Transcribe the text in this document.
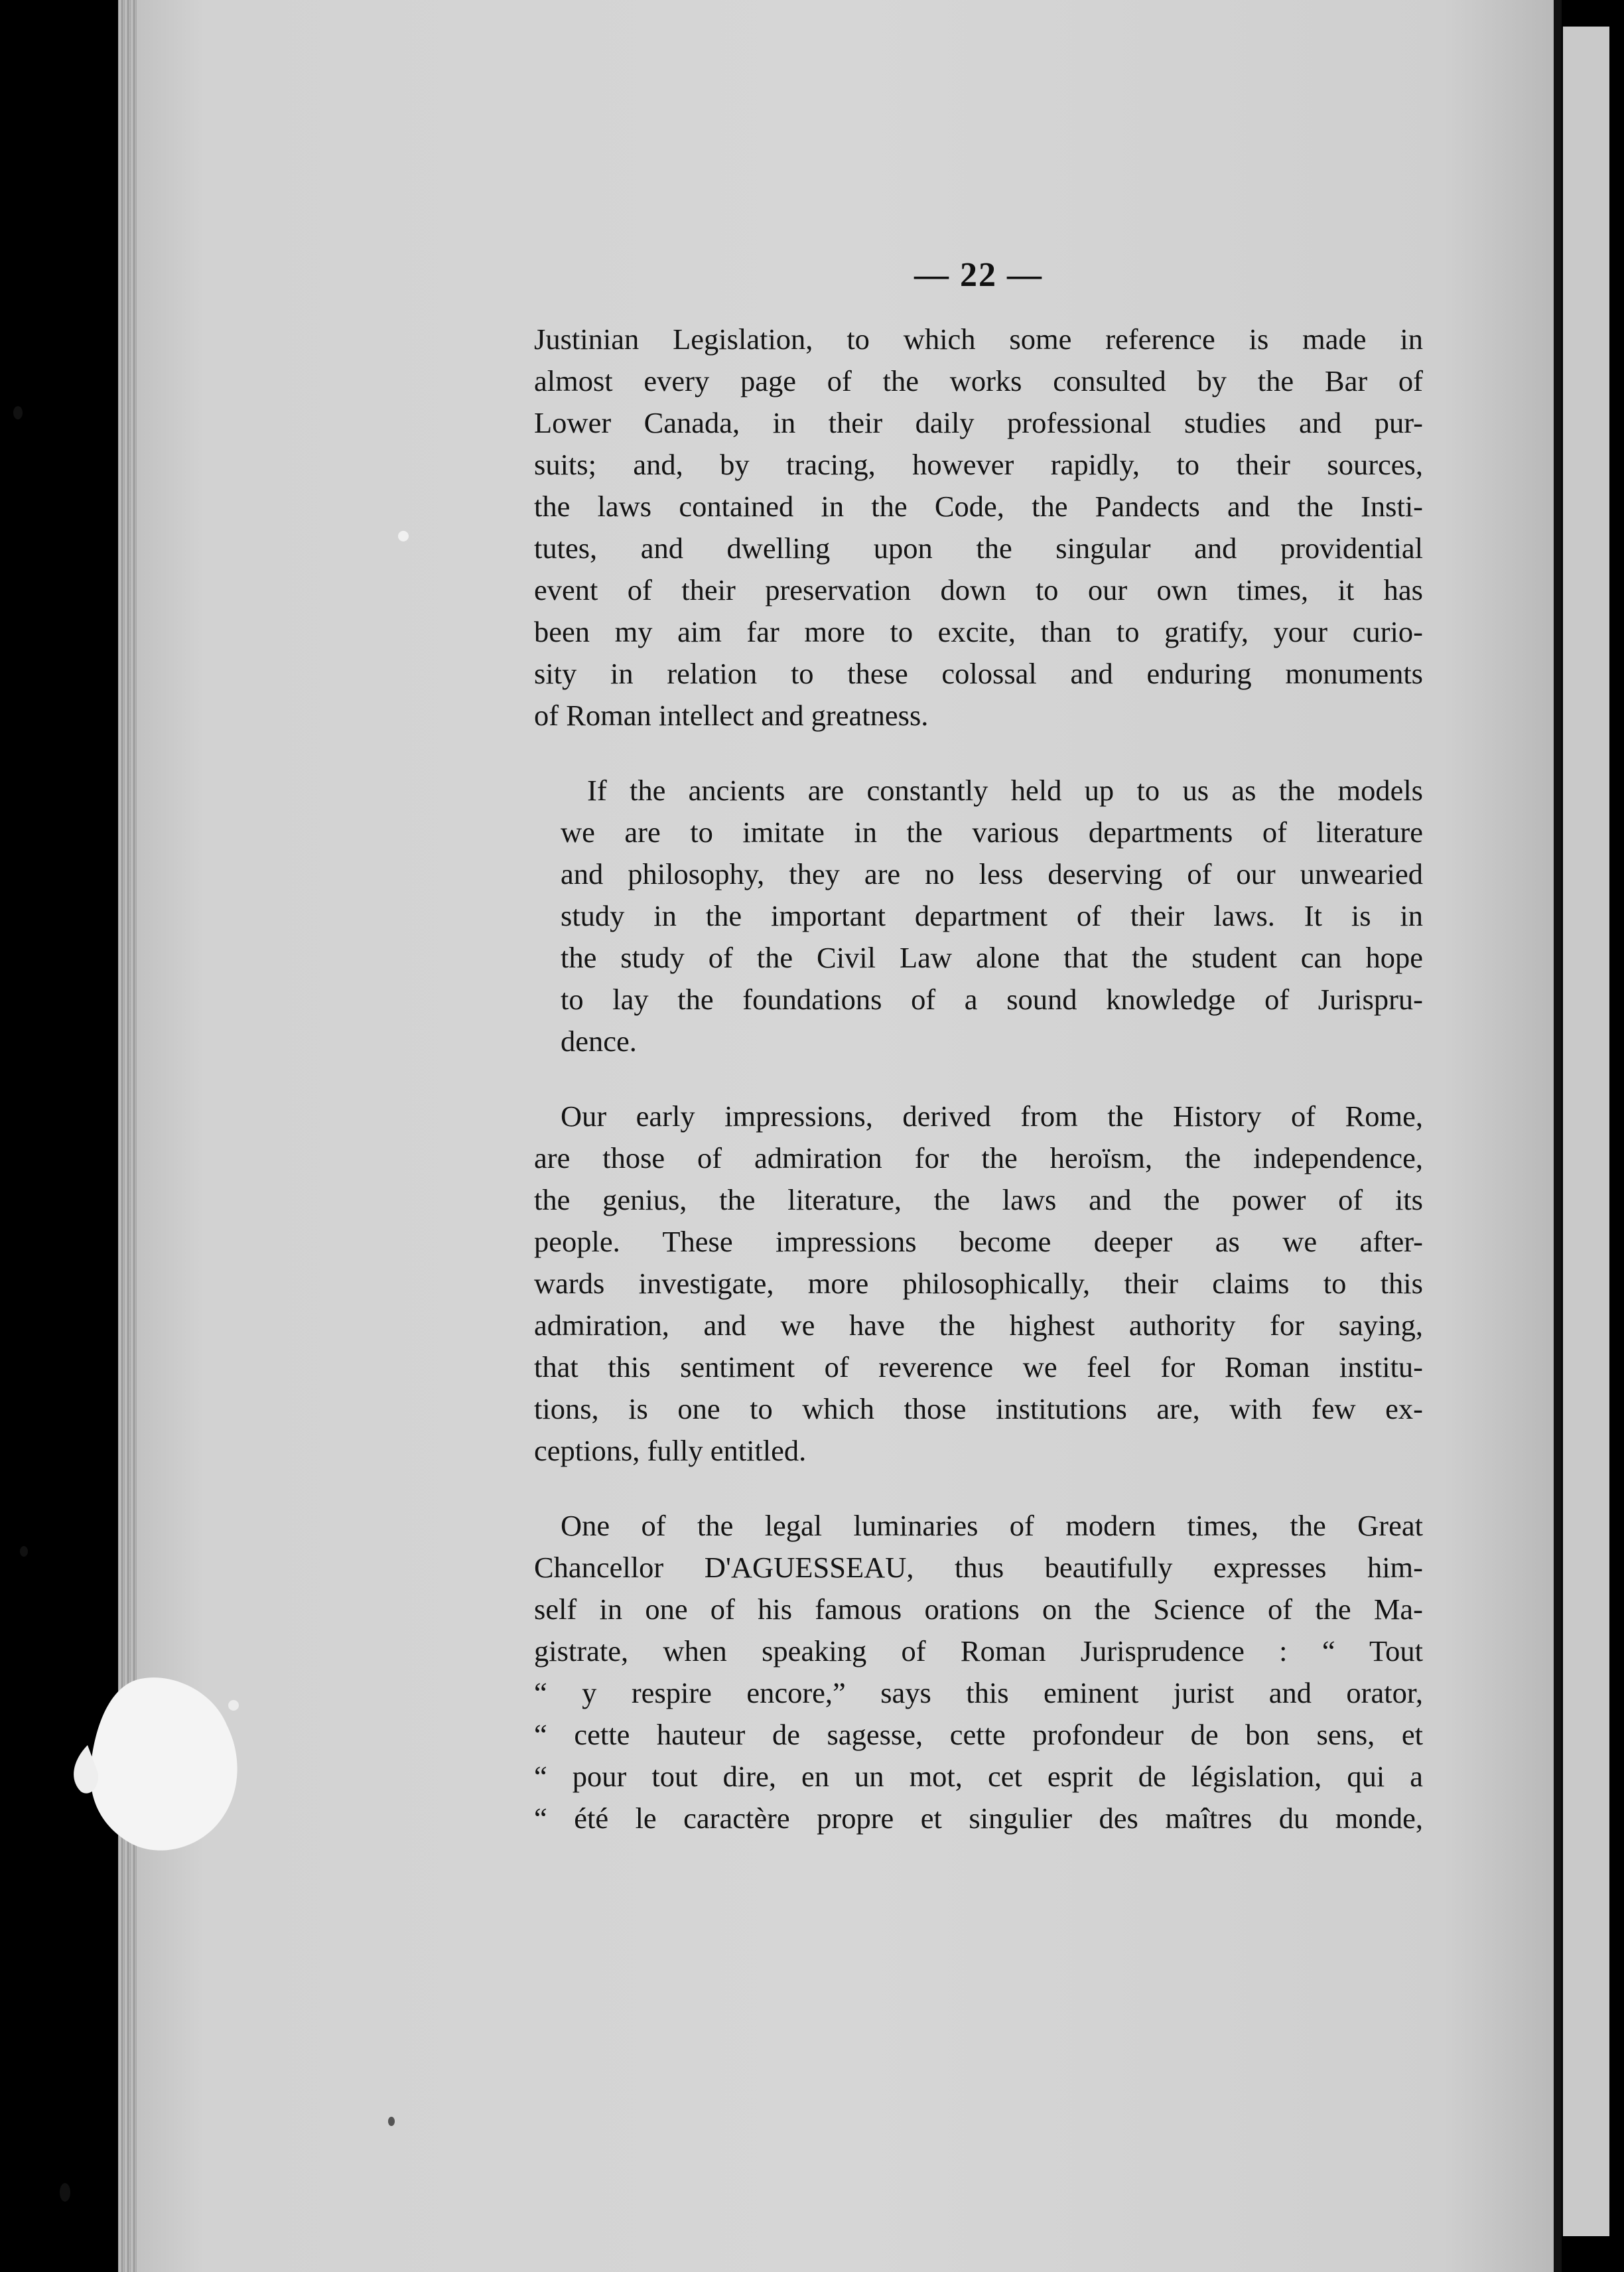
— 22 —
Justinian Legislation, to which some reference is made in
almost every page of the works consulted by the Bar of
Lower Canada, in their daily professional studies and pur-
suits; and, by tracing, however rapidly, to their sources,
the laws contained in the Code, the Pandects and the Insti-
tutes, and dwelling upon the singular and providential
event of their preservation down to our own times, it has
been my aim far more to excite, than to gratify, your curio-
sity in relation to these colossal and enduring monuments
of Roman intellect and greatness.
If the ancients are constantly held up to us as the models
we are to imitate in the various departments of literature
and philosophy, they are no less deserving of our unwearied
study in the important department of their laws. It is in
the study of the Civil Law alone that the student can hope
to lay the foundations of a sound knowledge of Jurispru-
dence.
Our early impressions, derived from the History of Rome,
are those of admiration for the heroïsm, the independence,
the genius, the literature, the laws and the power of its
people. These impressions become deeper as we after-
wards investigate, more philosophically, their claims to this
admiration, and we have the highest authority for saying,
that this sentiment of reverence we feel for Roman institu-
tions, is one to which those institutions are, with few ex-
ceptions, fully entitled.
One of the legal luminaries of modern times, the Great
Chancellor D'AGUESSEAU, thus beautifully expresses him-
self in one of his famous orations on the Science of the Ma-
gistrate, when speaking of Roman Jurisprudence : “ Tout
“ y respire encore,” says this eminent jurist and orator,
“ cette hauteur de sagesse, cette profondeur de bon sens, et
“ pour tout dire, en un mot, cet esprit de législation, qui a
“ été le caractère propre et singulier des maîtres du monde,
